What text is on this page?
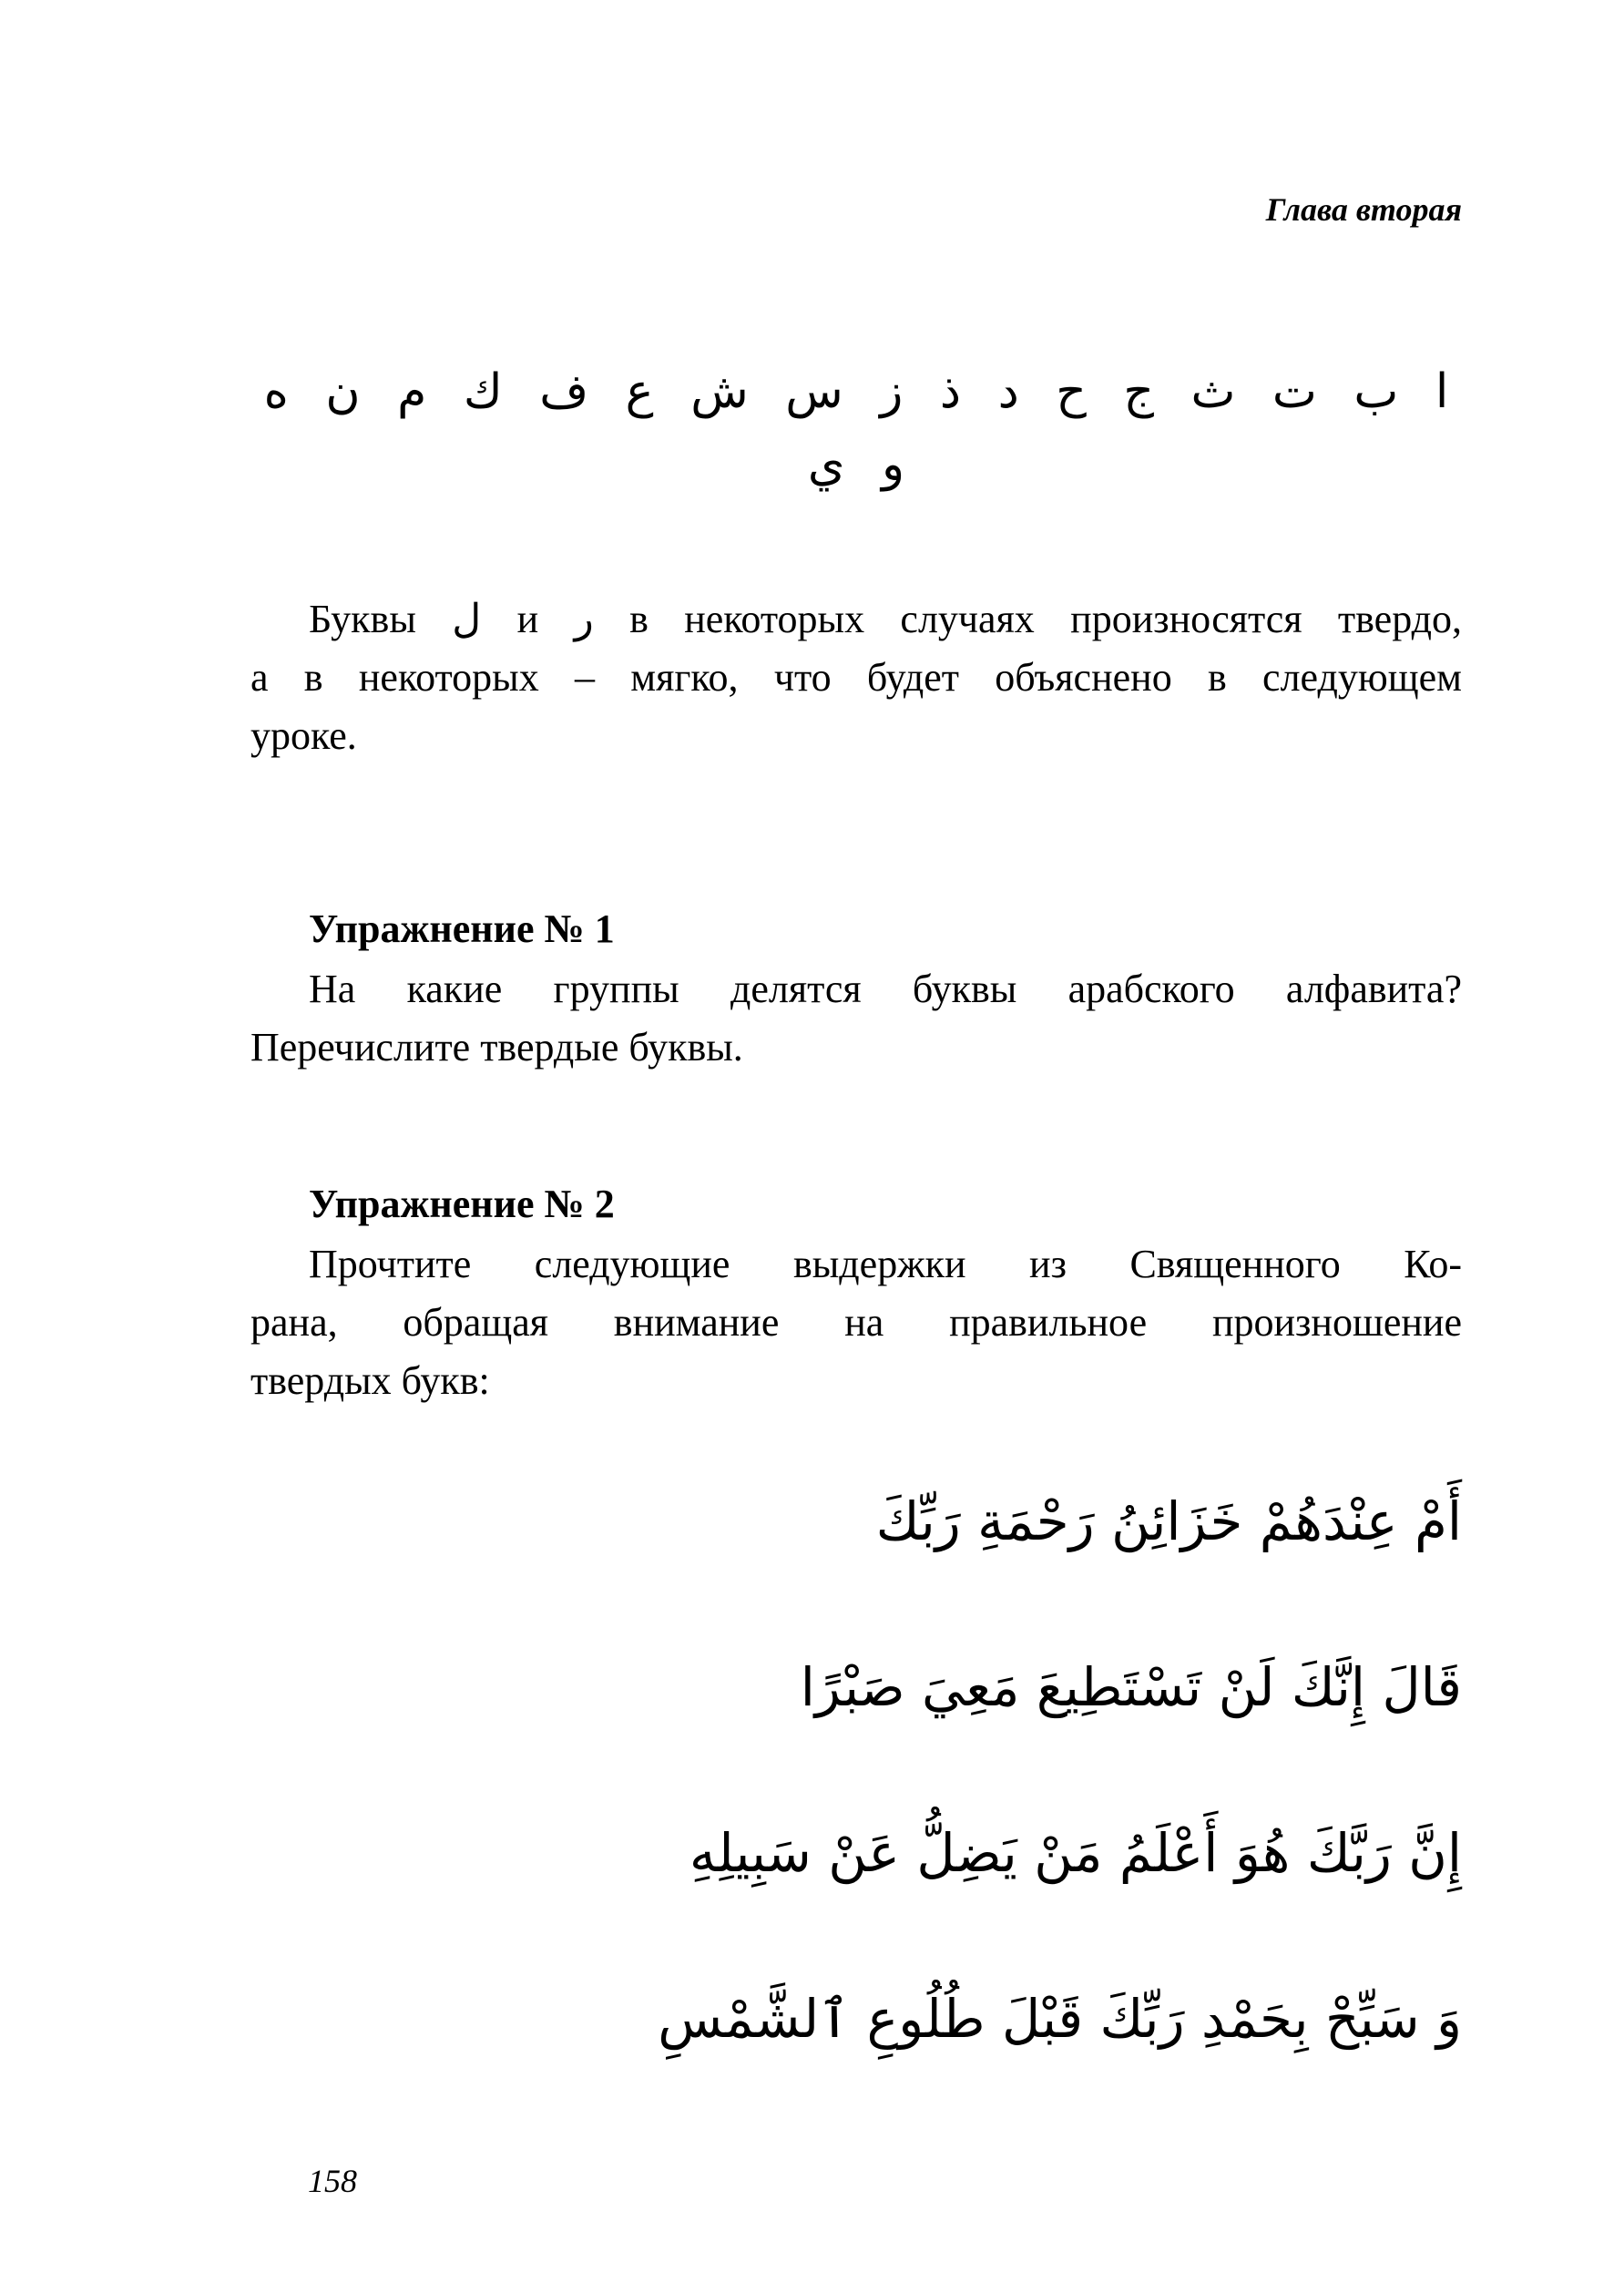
Глава вторая
ا ب ت ث ج ح د ذ ز س ش ع ف ك م ن ه و ي
Буквы ل и ر в некоторых случаях произносятся твердо,
а в некоторых – мягко, что будет объяснено в следующем
уроке.
Упражнение № 1
На какие группы делятся буквы арабского алфавита?
Перечислите твердые буквы.
Упражнение № 2
Прочтите следующие выдержки из Священного Ко-
рана, обращая внимание на правильное произношение
твердых букв:
أَمْ عِنْدَهُمْ خَزَائِنُ رَحْمَةِ رَبِّكَ
قَالَ إِنَّكَ لَنْ تَسْتَطِيعَ مَعِيَ صَبْرًا
إِنَّ رَبَّكَ هُوَ أَعْلَمُ مَنْ يَضِلُّ عَنْ سَبِيلِهِ
وَ سَبِّحْ بِحَمْدِ رَبِّكَ قَبْلَ طُلُوعِ ٱلشَّمْسِ
158
